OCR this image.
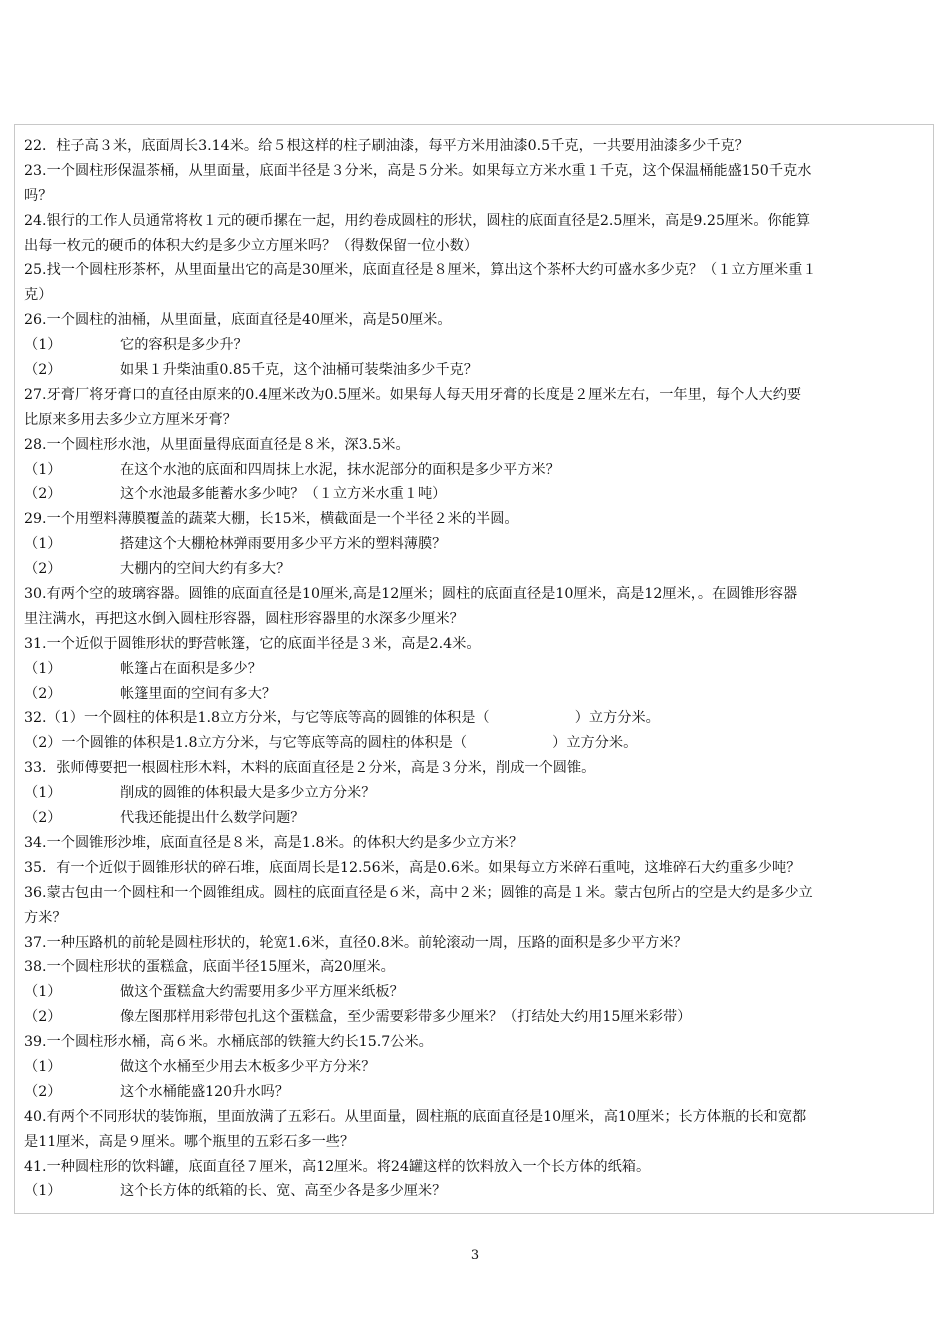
22．柱子高３米，底面周长3.14米。给５根这样的柱子刷油漆，每平方米用油漆0.5千克，一共要用油漆多少千克？
23.一个圆柱形保温茶桶，从里面量，底面半径是３分米，高是５分米。如果每立方米水重１千克，这个保温桶能盛150千克水
吗？
24.银行的工作人员通常将枚１元的硬币摞在一起，用约卷成圆柱的形状，圆柱的底面直径是2.5厘米，高是9.25厘米。你能算
出每一枚元的硬币的体积大约是多少立方厘米吗？（得数保留一位小数）
25.找一个圆柱形茶杯，从里面量出它的高是30厘米，底面直径是８厘米，算出这个茶杯大约可盛水多少克？（１立方厘米重１
克）
26.一个圆柱的油桶，从里面量，底面直径是40厘米，高是50厘米。
（1）	它的容积是多少升？
（2）	如果１升柴油重0.85千克，这个油桶可装柴油多少千克？
27.牙膏厂将牙膏口的直径由原来的0.4厘米改为0.5厘米。如果每人每天用牙膏的长度是２厘米左右，一年里，每个人大约要
比原来多用去多少立方厘米牙膏？
28.一个圆柱形水池，从里面量得底面直径是８米，深3.5米。
（1）	在这个水池的底面和四周抹上水泥，抹水泥部分的面积是多少平方米？
（2）	这个水池最多能蓄水多少吨？（１立方米水重１吨）
29.一个用塑料薄膜覆盖的蔬菜大棚，长15米，横截面是一个半径２米的半圆。
（1）	搭建这个大棚枪林弹雨要用多少平方米的塑料薄膜？
（2）	大棚内的空间大约有多大？
30.有两个空的玻璃容器。圆锥的底面直径是10厘米,高是12厘米；圆柱的底面直径是10厘米，高是12厘米，。在圆锥形容器
里注满水，再把这水倒入圆柱形容器，圆柱形容器里的水深多少厘米？
31.一个近似于圆锥形状的野营帐篷，它的底面半径是３米，高是2.4米。
（1）	帐篷占在面积是多少？
（2）	帐篷里面的空间有多大？
32.（1）一个圆柱的体积是1.8立方分米，与它等底等高的圆锥的体积是（　　　　　　）立方分米。
（2）一个圆锥的体积是1.8立方分米，与它等底等高的圆柱的体积是（　　　　　　）立方分米。
33．张师傅要把一根圆柱形木料，木料的底面直径是２分米，高是３分米，削成一个圆锥。
（1）	削成的圆锥的体积最大是多少立方分米？
（2）	代我还能提出什么数学问题？
34.一个圆锥形沙堆，底面直径是８米，高是1.8米。的体积大约是多少立方米？
35．有一个近似于圆锥形状的碎石堆，底面周长是12.56米，高是0.6米。如果每立方米碎石重吨，这堆碎石大约重多少吨？
36.蒙古包由一个圆柱和一个圆锥组成。圆柱的底面直径是６米，高中２米；圆锥的高是１米。蒙古包所占的空是大约是多少立
方米？
37.一种压路机的前轮是圆柱形状的，轮宽1.6米，直径0.8米。前轮滚动一周，压路的面积是多少平方米？
38.一个圆柱形状的蛋糕盒，底面半径15厘米，高20厘米。
（1）	做这个蛋糕盒大约需要用多少平方厘米纸板？
（2）	像左图那样用彩带包扎这个蛋糕盒，至少需要彩带多少厘米？（打结处大约用15厘米彩带）
39.一个圆柱形水桶，高６米。水桶底部的铁箍大约长15.7公米。
（1）	做这个水桶至少用去木板多少平方分米？
（2）	这个水桶能盛120升水吗？
40.有两个不同形状的装饰瓶，里面放满了五彩石。从里面量，圆柱瓶的底面直径是10厘米，高10厘米；长方体瓶的长和宽都
是11厘米，高是９厘米。哪个瓶里的五彩石多一些？
41.一种圆柱形的饮料罐，底面直径７厘米，高12厘米。将24罐这样的饮料放入一个长方体的纸箱。
（1）	这个长方体的纸箱的长、宽、高至少各是多少厘米？
3
